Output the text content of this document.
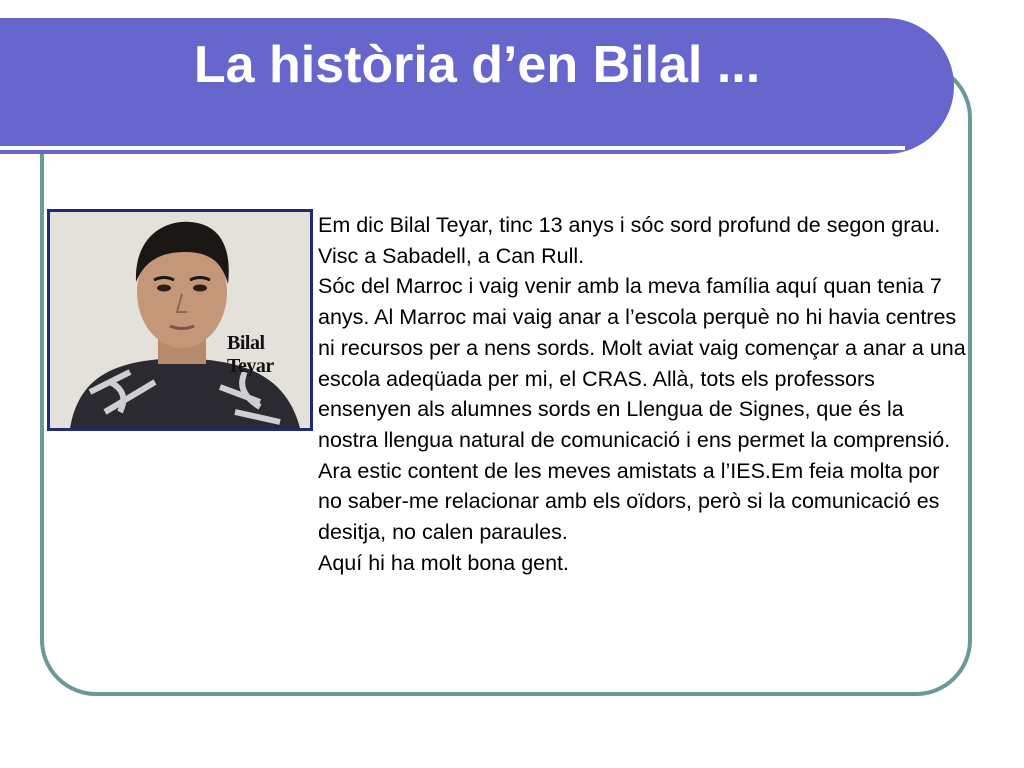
La història d’en Bilal ...
Bilal Teyar

Em dic Bilal Teyar, tinc 13 anys i sóc sord profund de segon grau. Visc a Sabadell, a Can Rull.

Sóc del Marroc i vaig venir amb la meva família aquí quan tenia 7 anys. Al Marroc mai vaig anar a l’escola perquè no hi havia centres ni recursos per a nens sords. Molt aviat vaig començar a anar a una escola adeqüada per mi, el CRAS. Allà, tots els professors ensenyen als alumnes sords en Llengua de Signes, que és la nostra llengua natural de comunicació i ens permet la comprensió.

Ara estic content de les meves amistats a l’IES.Em feia molta por no saber-me relacionar amb els oïdors, però si la comunicació es desitja, no calen paraules.

Aquí hi ha molt bona gent.
